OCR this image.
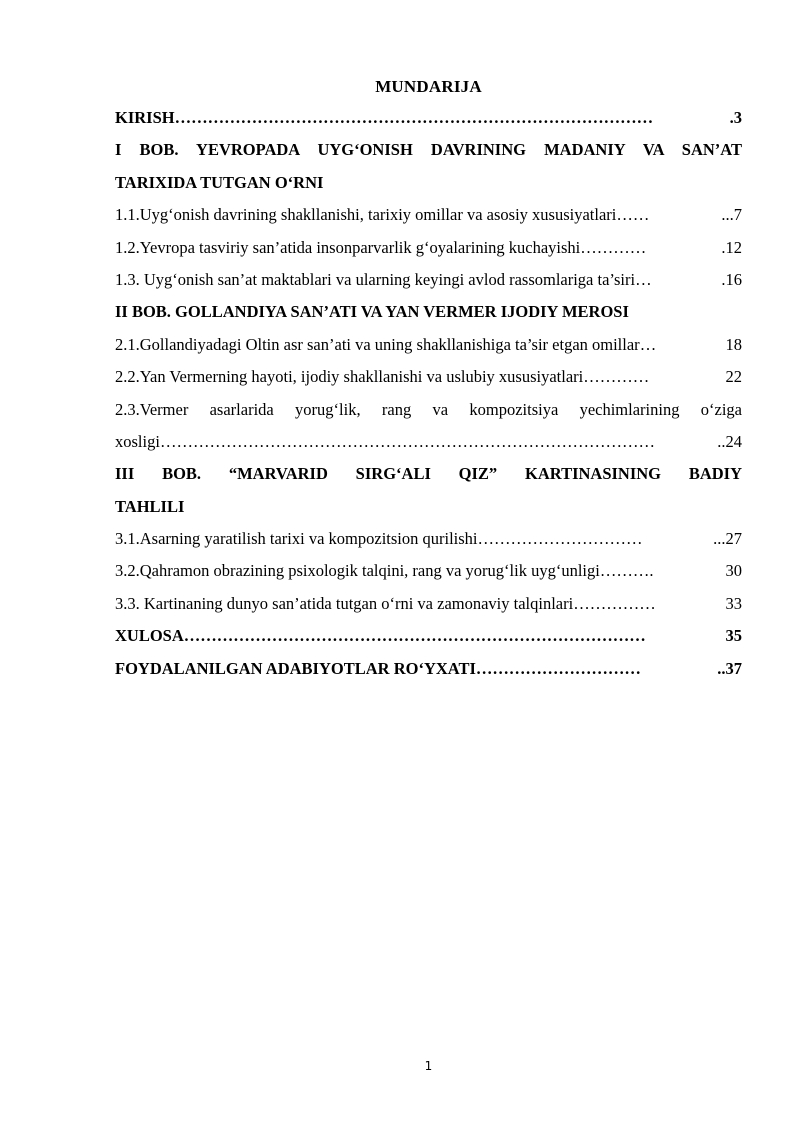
MUNDARIJA
KIRISH ……………………………………………………………………………	.3
I BOB. YEVROPADA UYG‘ONISH DAVRINING MADANIY VA SAN’AT
TARIXIDA TUTGAN O‘RNI
1.1.Uyg‘onish davrining shakllanishi, tarixiy omillar va asosiy xususiyatlari ……	...7
1.2.Yevropa tasviriy san’atida insonparvarlik g‘oyalarining kuchayishi …………	.12
1.3. Uyg‘onish san’at maktablari va ularning keyingi avlod rassomlariga ta’siri …	.16
II BOB. GOLLANDIYA SAN’ATI VA YAN VERMER IJODIY MEROSI
2.1.Gollandiyadagi Oltin asr san’ati va uning shakllanishiga ta’sir etgan omillar …	18
2.2.Yan Vermerning hayoti, ijodiy shakllanishi va uslubiy xususiyatlari …………	22
2.3.Vermer asarlarida yorug‘lik, rang va kompozitsiya yechimlarining o‘ziga
xosligi ………………………………………………………………………………	..24
III BOB. “MARVARID SIRG‘ALI QIZ” KARTINASINING BADIY
TAHLILI
3.1.Asarning yaratilish tarixi va kompozitsion qurilishi …………………………	...27
3.2.Qahramon obrazining psixologik talqini, rang va yorug‘lik uyg‘unligi ……….	30
3.3. Kartinaning dunyo san’atida tutgan o‘rni va zamonaviy talqinlari ……………	33
XULOSA …………………………………………………………………………	35
FOYDALANILGAN ADABIYOTLAR RO‘YXATI …………………………	..37
1
